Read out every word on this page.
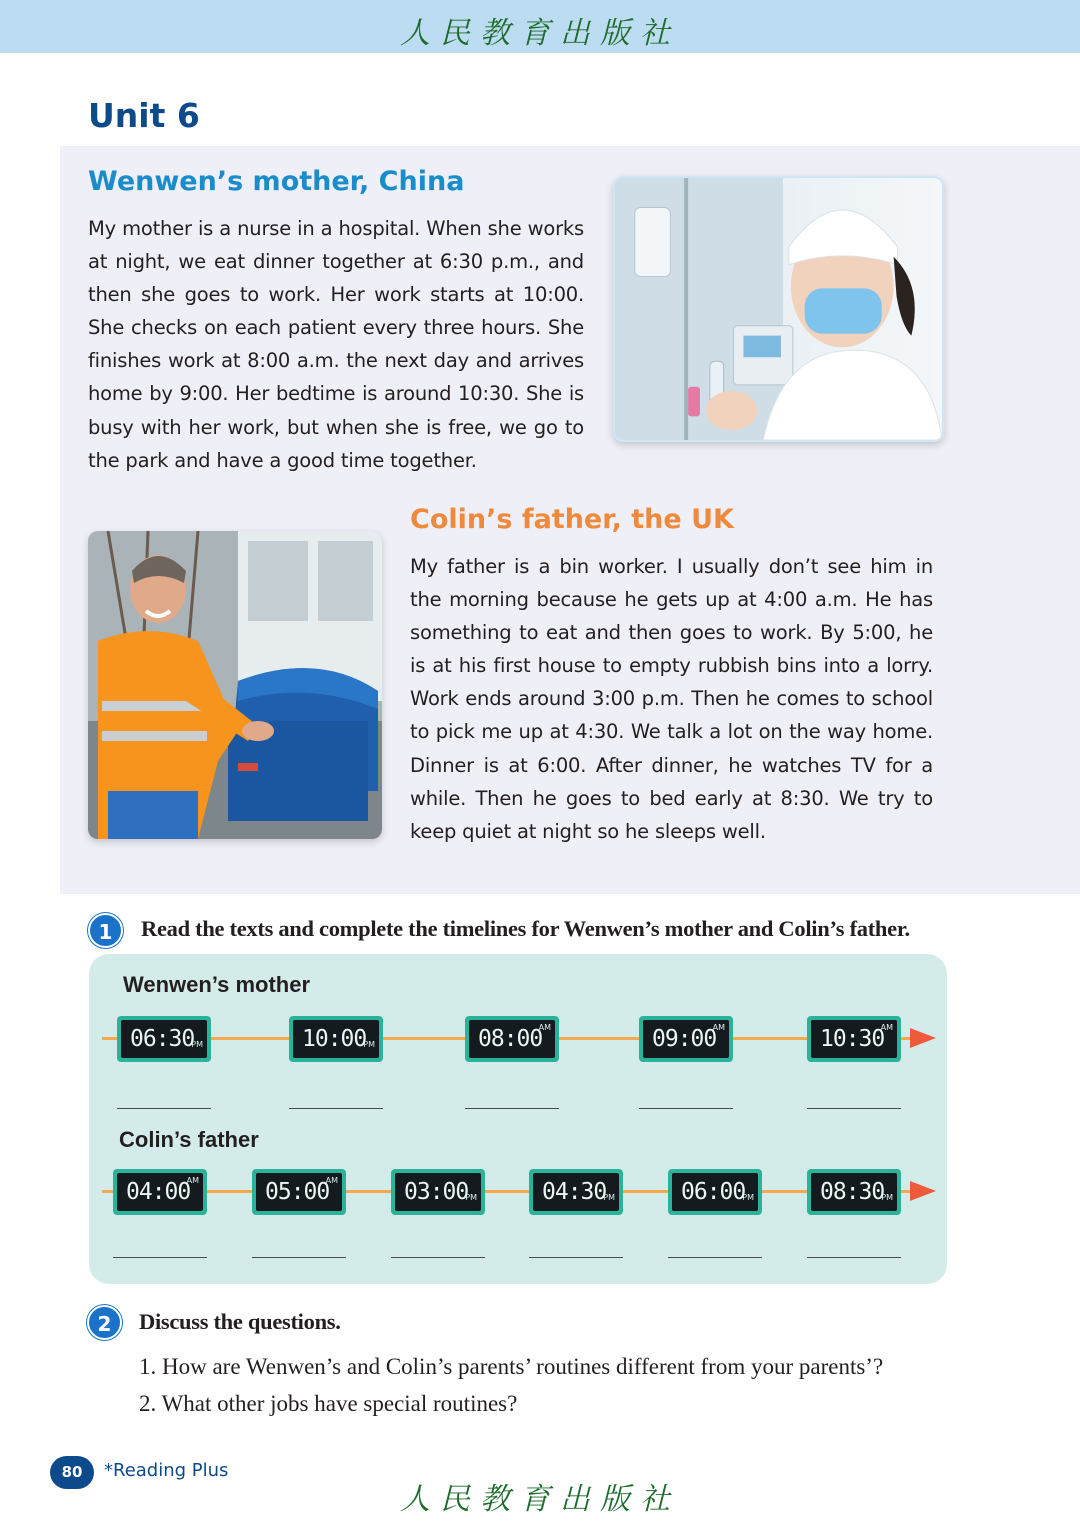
人民教育出版社
Unit 6
Wenwen’s mother, China
My mother is a nurse in a hospital. When she works at night, we eat dinner together at 6:30 p.m., and then she goes to work. Her work starts at 10:00. She checks on each patient every three hours. She finishes work at 8:00 a.m. the next day and arrives home by 9:00. Her bedtime is around 10:30. She is busy with her work, but when she is free, we go to the park and have a good time together.
Colin’s father, the UK
My father is a bin worker. I usually don’t see him in the morning because he gets up at 4:00 a.m. He has something to eat and then goes to work. By 5:00, he is at his first house to empty rubbish bins into a lorry. Work ends around 3:00 p.m. Then he comes to school to pick me up at 4:30. We talk a lot on the way home. Dinner is at 6:00. After dinner, he watches TV for a while. Then he goes to bed early at 8:30. We try to keep quiet at night so he sleeps well.
1	Read the texts and complete the timelines for Wenwen’s mother and Colin’s father.
Wenwen’s mother
06:30
PM	10:00
PM	08:00
AM	09:00
AM	10:30
AM
Colin’s father
04:00
AM	05:00
AM	03:00
PM	04:30
PM	06:00
PM	08:30
PM
2	Discuss the questions.
1. How are Wenwen’s and Colin’s parents’ routines different from your parents’?
2. What other jobs have special routines?
80	*Reading Plus
人民教育出版社
